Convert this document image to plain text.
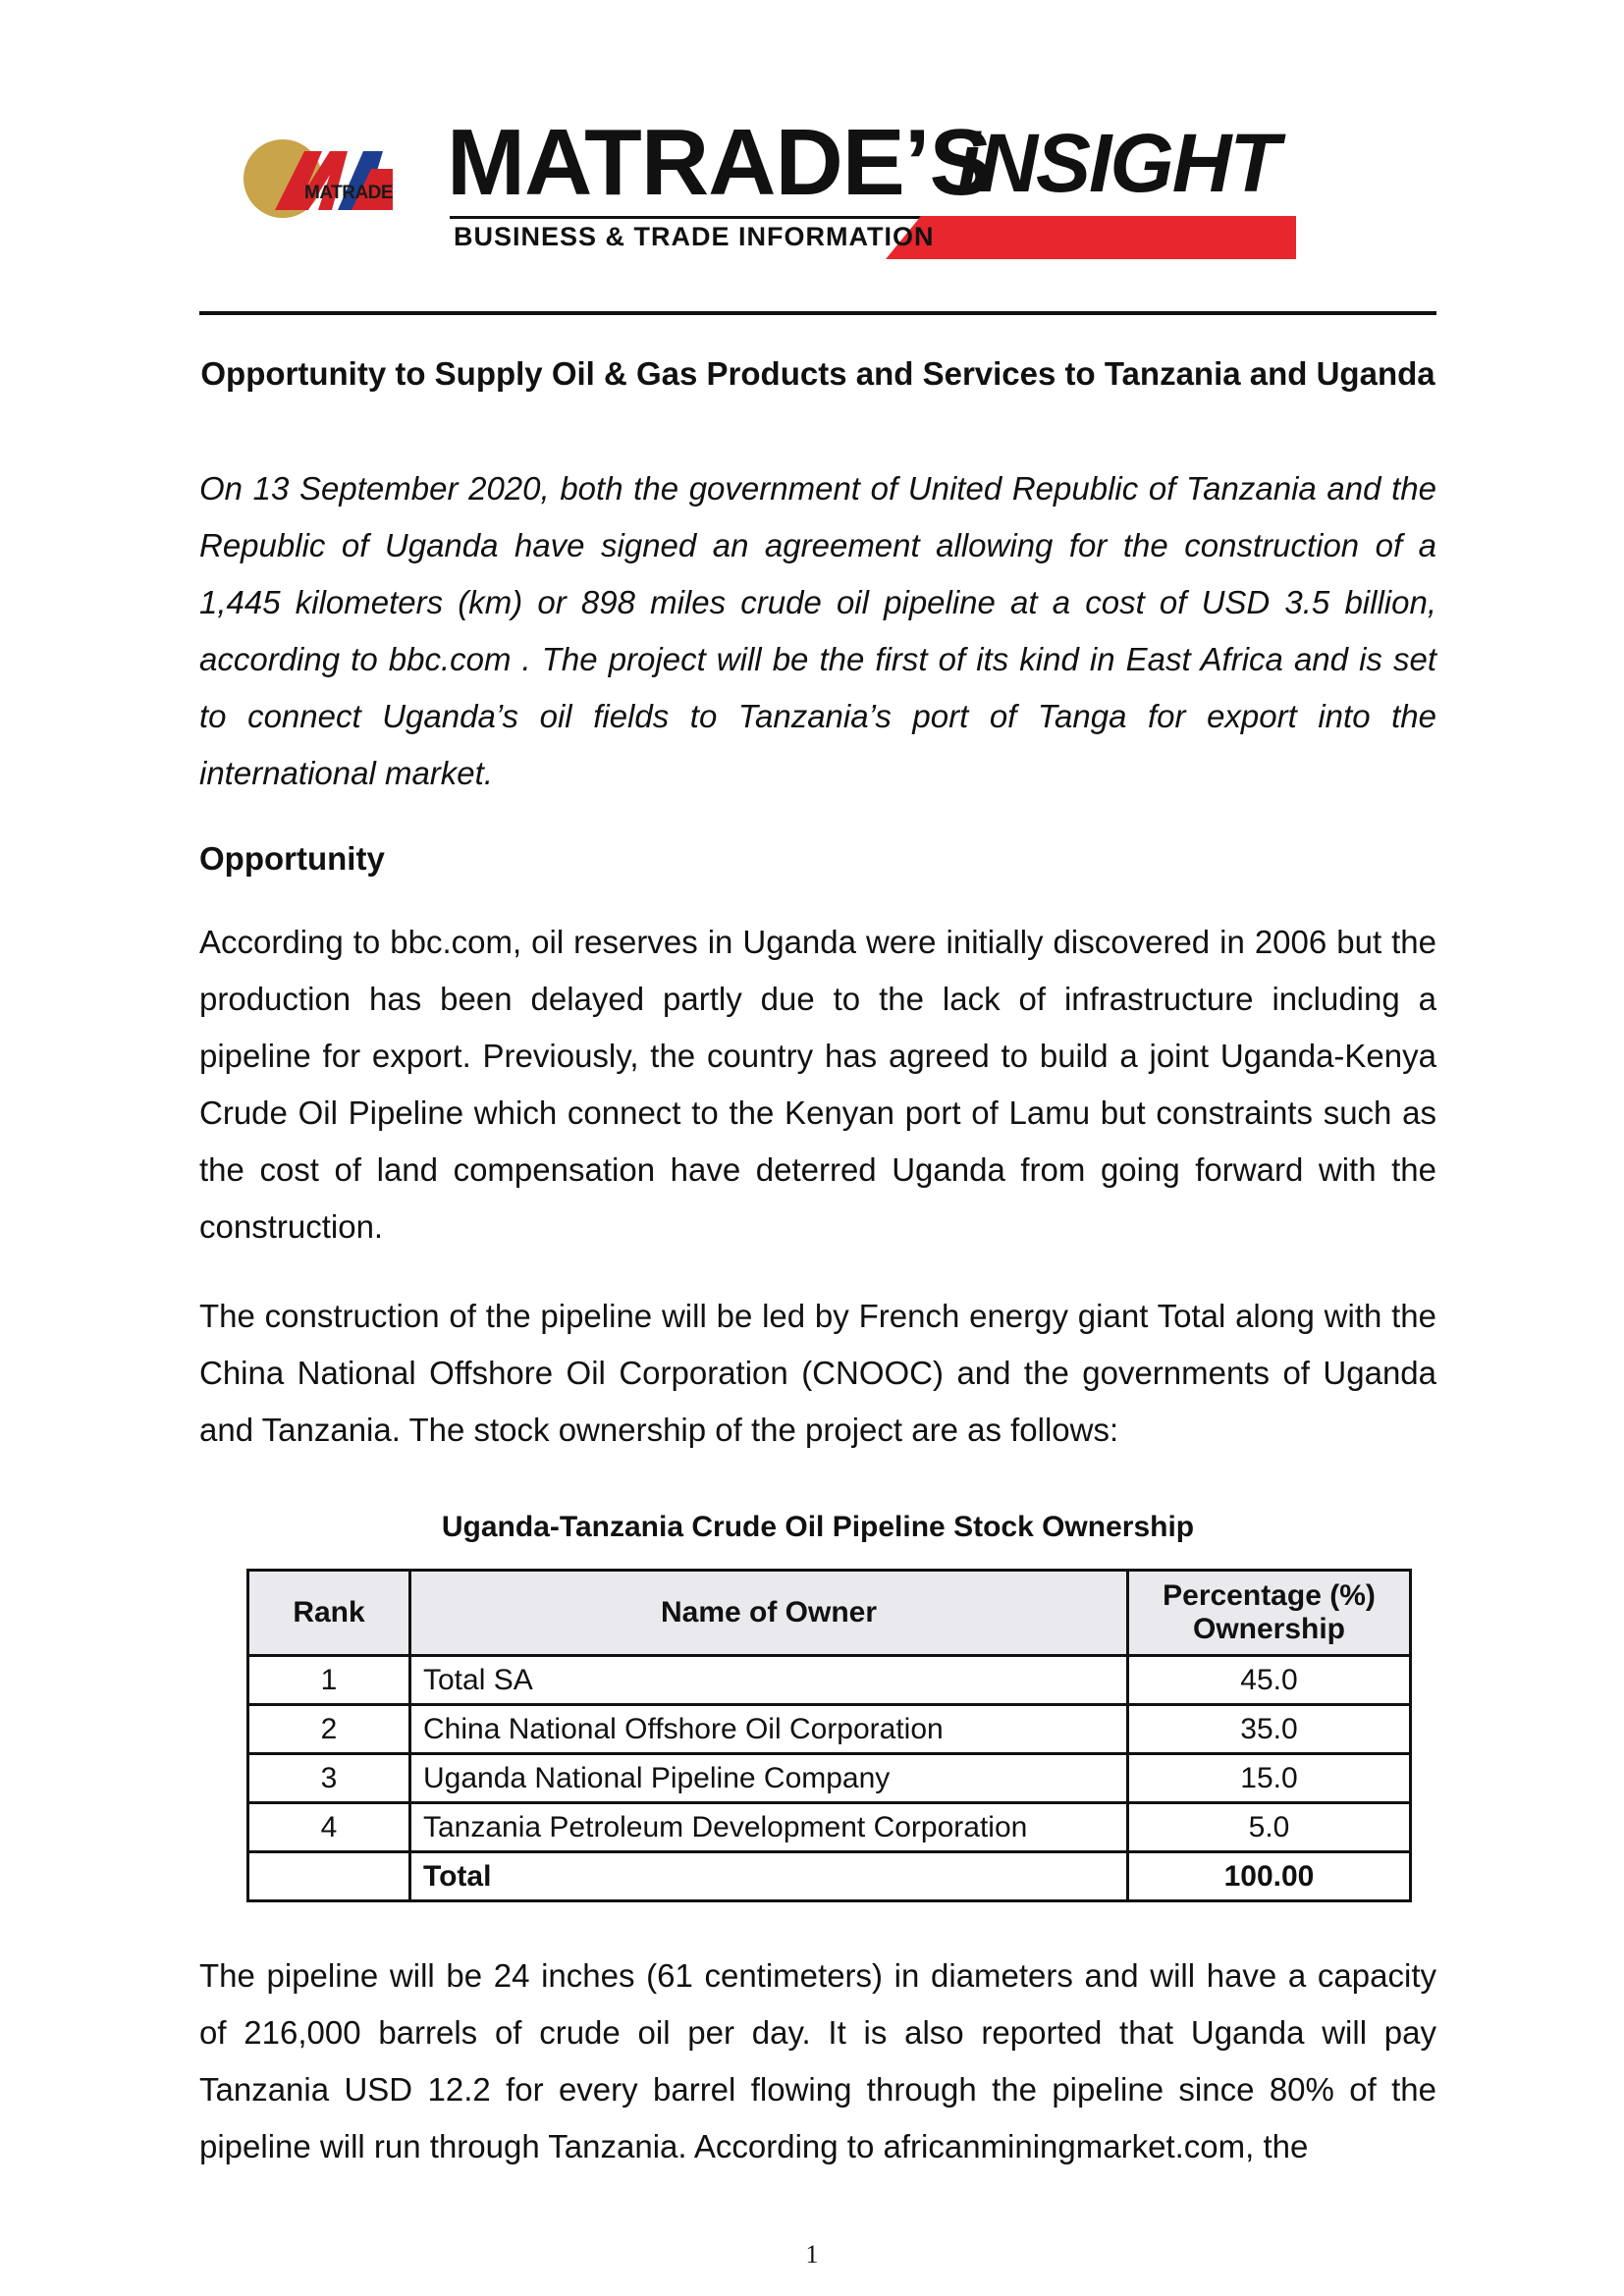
MATRADE MATRADE’S
iNSIGHT
BUSINESS & TRADE INFORMATION
Opportunity to Supply Oil & Gas Products and Services to Tanzania and Uganda
On 13 September 2020, both the government of United Republic of Tanzania and the Republic of Uganda have signed an agreement allowing for the construction of a 1,445 kilometers (km) or 898 miles crude oil pipeline at a cost of USD 3.5 billion, according to bbc.com . The project will be the first of its kind in East Africa and is set to connect Uganda’s oil fields to Tanzania’s port of Tanga for export into the international market.
Opportunity
According to bbc.com, oil reserves in Uganda were initially discovered in 2006 but the production has been delayed partly due to the lack of infrastructure including a pipeline for export. Previously, the country has agreed to build a joint Uganda-Kenya Crude Oil Pipeline which connect to the Kenyan port of Lamu but constraints such as the cost of land compensation have deterred Uganda from going forward with the construction.
The construction of the pipeline will be led by French energy giant Total along with the China National Offshore Oil Corporation (CNOOC) and the governments of Uganda and Tanzania. The stock ownership of the project are as follows:
Uganda-Tanzania Crude Oil Pipeline Stock Ownership
Rank	Name of Owner	Percentage (%)
Ownership
1	Total SA	45.0
2	China National Offshore Oil Corporation	35.0
3	Uganda National Pipeline Company	15.0
4	Tanzania Petroleum Development Corporation	5.0
	Total	100.00
The pipeline will be 24 inches (61 centimeters) in diameters and will have a capacity of 216,000 barrels of crude oil per day. It is also reported that Uganda will pay Tanzania USD 12.2 for every barrel flowing through the pipeline since 80% of the pipeline will run through Tanzania. According to africanminingmarket.com, the
1
